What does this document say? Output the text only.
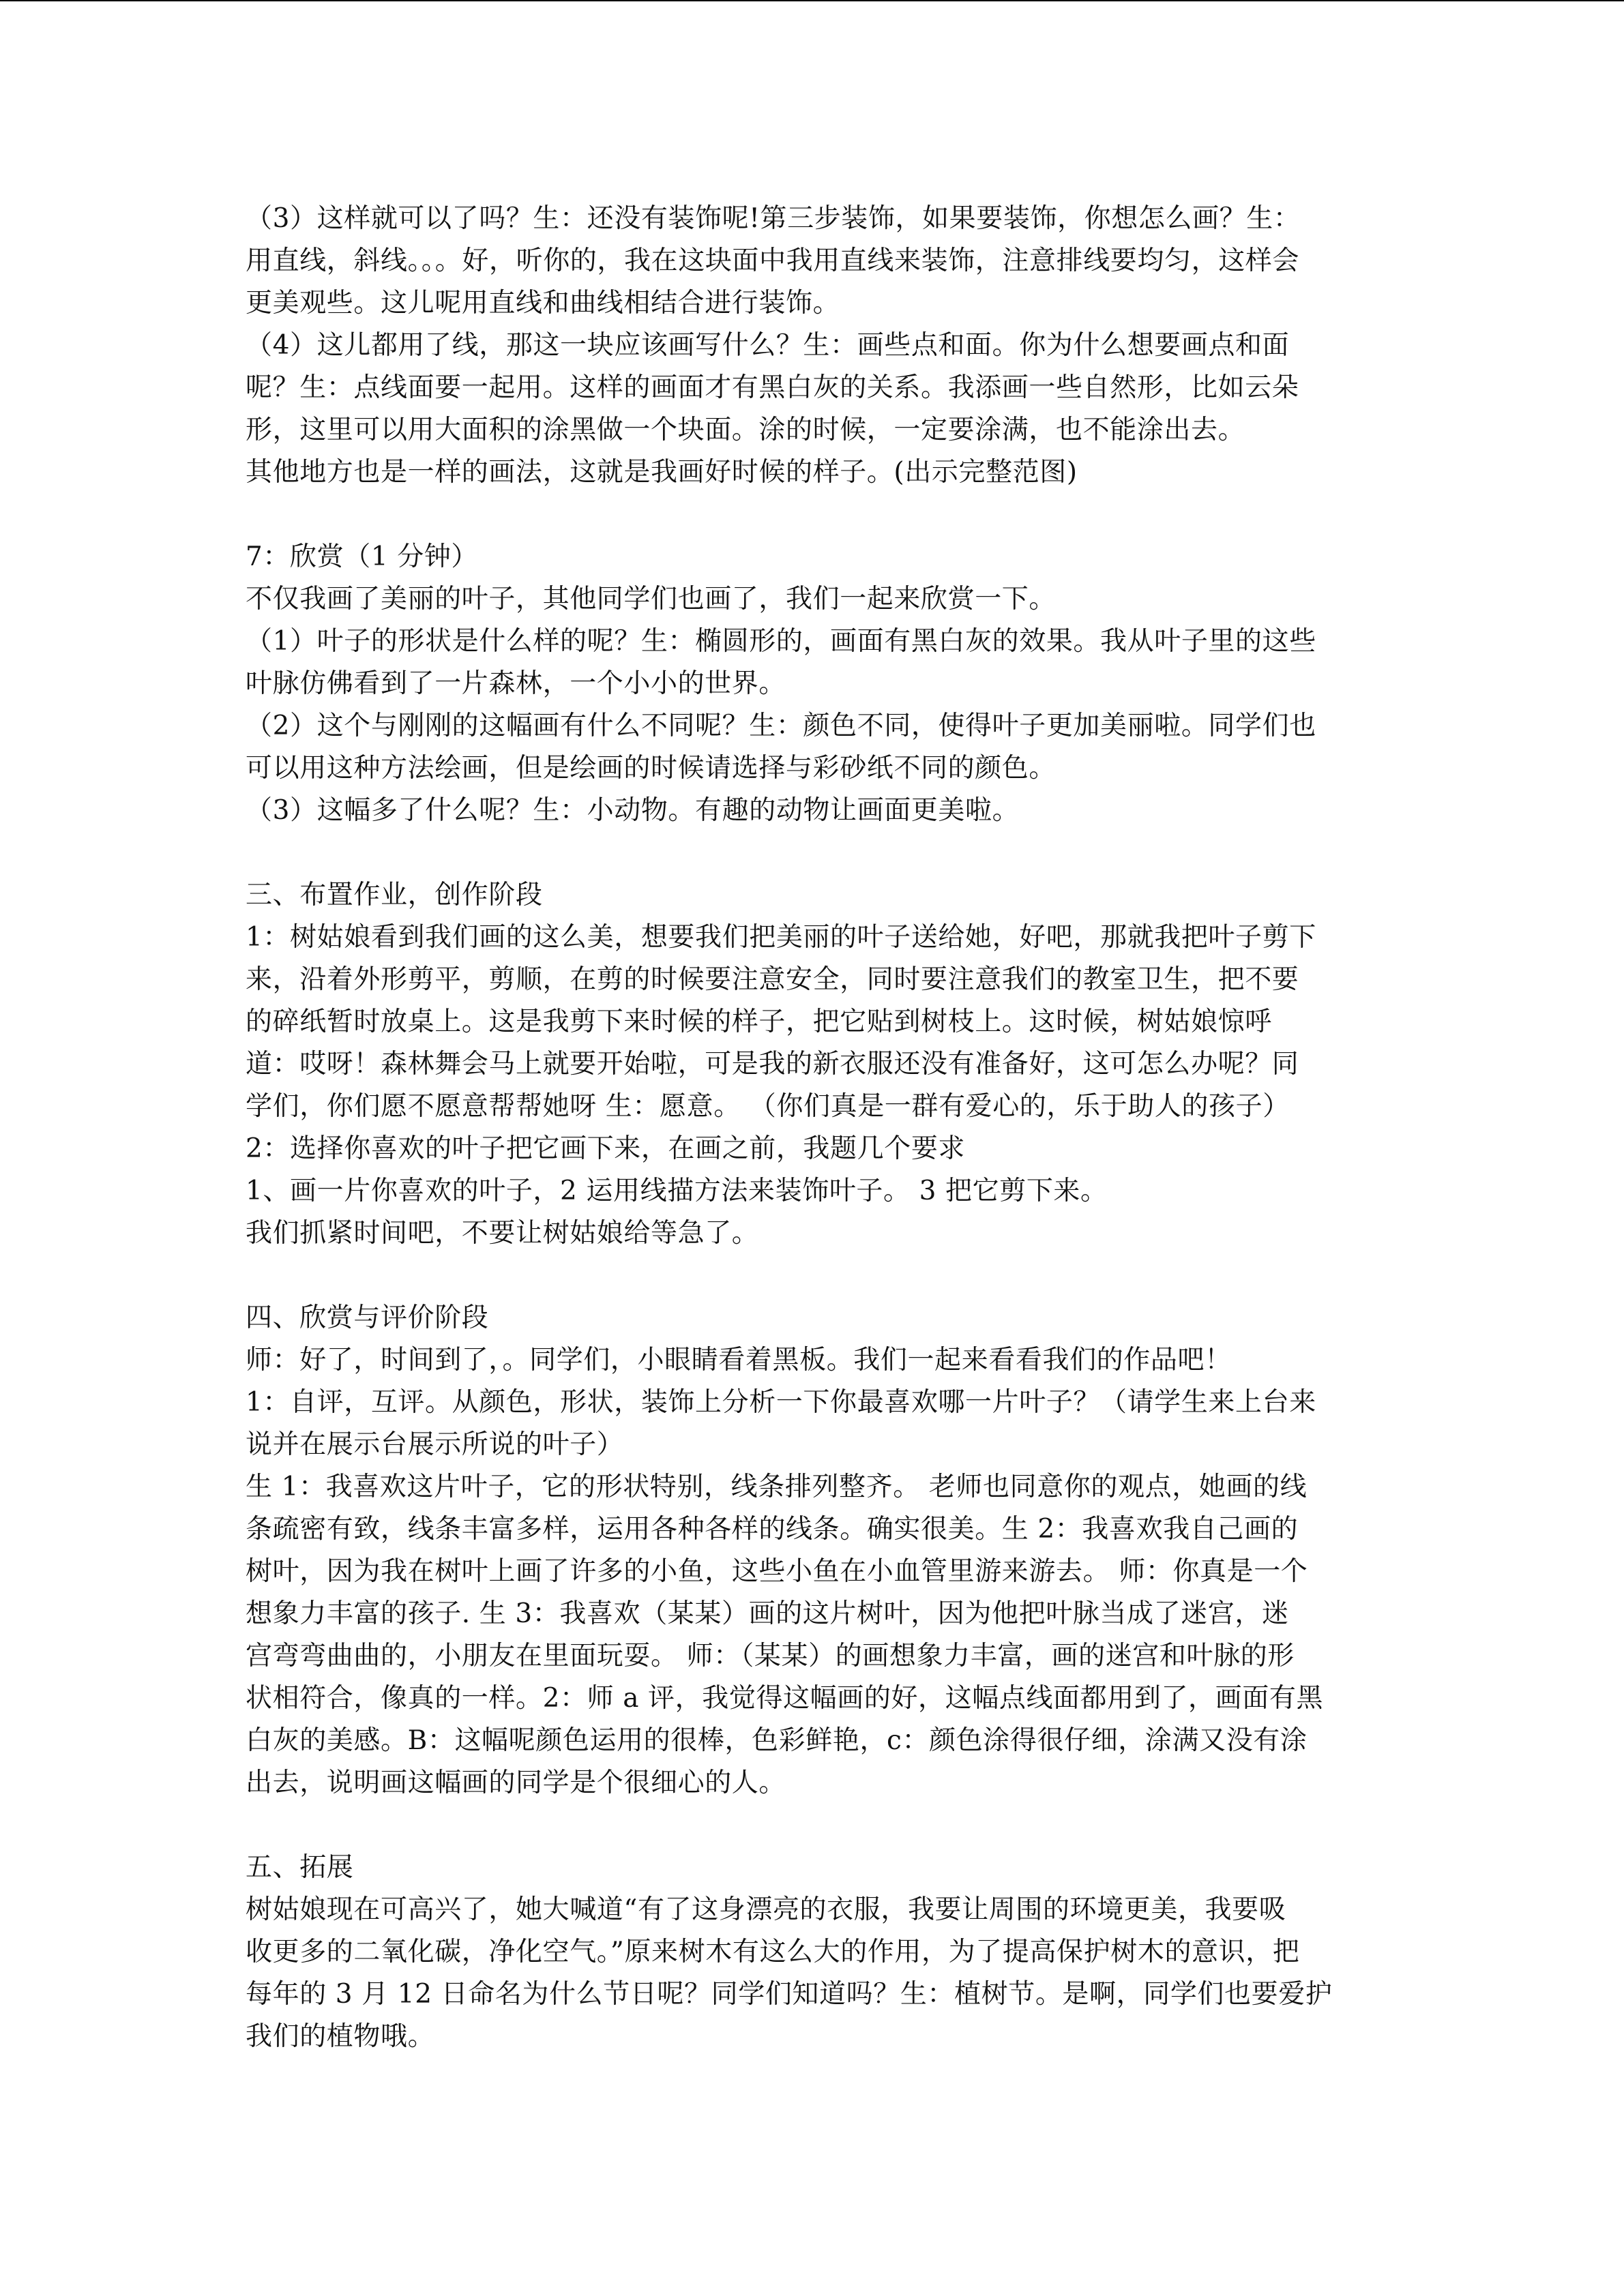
（3）这样就可以了吗？生：还没有装饰呢!第三步装饰，如果要装饰，你想怎么画？生：
用直线，斜线。。。好，听你的，我在这块面中我用直线来装饰，注意排线要均匀，这样会
更美观些。这儿呢用直线和曲线相结合进行装饰。
（4）这儿都用了线，那这一块应该画写什么？生：画些点和面。你为什么想要画点和面
呢？生：点线面要一起用。这样的画面才有黑白灰的关系。我添画一些自然形，比如云朵
形，这里可以用大面积的涂黑做一个块面。涂的时候，一定要涂满，也不能涂出去。
其他地方也是一样的画法，这就是我画好时候的样子。(出示完整范图)
7：欣赏（1 分钟）
不仅我画了美丽的叶子，其他同学们也画了，我们一起来欣赏一下。
（1）叶子的形状是什么样的呢？生：椭圆形的，画面有黑白灰的效果。我从叶子里的这些
叶脉仿佛看到了一片森林，一个小小的世界。
（2）这个与刚刚的这幅画有什么不同呢？生：颜色不同，使得叶子更加美丽啦。同学们也
可以用这种方法绘画，但是绘画的时候请选择与彩砂纸不同的颜色。
（3）这幅多了什么呢？生：小动物。有趣的动物让画面更美啦。
三、布置作业，创作阶段
1：树姑娘看到我们画的这么美，想要我们把美丽的叶子送给她，好吧，那就我把叶子剪下
来，沿着外形剪平，剪顺，在剪的时候要注意安全，同时要注意我们的教室卫生，把不要
的碎纸暂时放桌上。这是我剪下来时候的样子，把它贴到树枝上。这时候，树姑娘惊呼
道：哎呀！森林舞会马上就要开始啦，可是我的新衣服还没有准备好，这可怎么办呢？同
学们，你们愿不愿意帮帮她呀 生：愿意。 （你们真是一群有爱心的，乐于助人的孩子）
2：选择你喜欢的叶子把它画下来，在画之前，我题几个要求
1、画一片你喜欢的叶子，2 运用线描方法来装饰叶子。 3 把它剪下来。
我们抓紧时间吧，不要让树姑娘给等急了。
四、欣赏与评价阶段
师：好了，时间到了，。同学们，小眼睛看着黑板。我们一起来看看我们的作品吧！
1：自评，互评。从颜色，形状，装饰上分析一下你最喜欢哪一片叶子？（请学生来上台来
说并在展示台展示所说的叶子）
生 1：我喜欢这片叶子，它的形状特别，线条排列整齐。 老师也同意你的观点，她画的线
条疏密有致，线条丰富多样，运用各种各样的线条。确实很美。生 2：我喜欢我自己画的
树叶，因为我在树叶上画了许多的小鱼，这些小鱼在小血管里游来游去。 师：你真是一个
想象力丰富的孩子. 生 3：我喜欢（某某）画的这片树叶，因为他把叶脉当成了迷宫，迷
宫弯弯曲曲的，小朋友在里面玩耍。 师：（某某）的画想象力丰富，画的迷宫和叶脉的形
状相符合，像真的一样。2：师 a 评，我觉得这幅画的好，这幅点线面都用到了，画面有黑
白灰的美感。B：这幅呢颜色运用的很棒，色彩鲜艳，c：颜色涂得很仔细，涂满又没有涂
出去，说明画这幅画的同学是个很细心的人。
五、拓展
树姑娘现在可高兴了，她大喊道“有了这身漂亮的衣服，我要让周围的环境更美，我要吸
收更多的二氧化碳，净化空气。”原来树木有这么大的作用，为了提高保护树木的意识，把
每年的 3 月 12 日命名为什么节日呢？同学们知道吗？生：植树节。是啊，同学们也要爱护
我们的植物哦。
